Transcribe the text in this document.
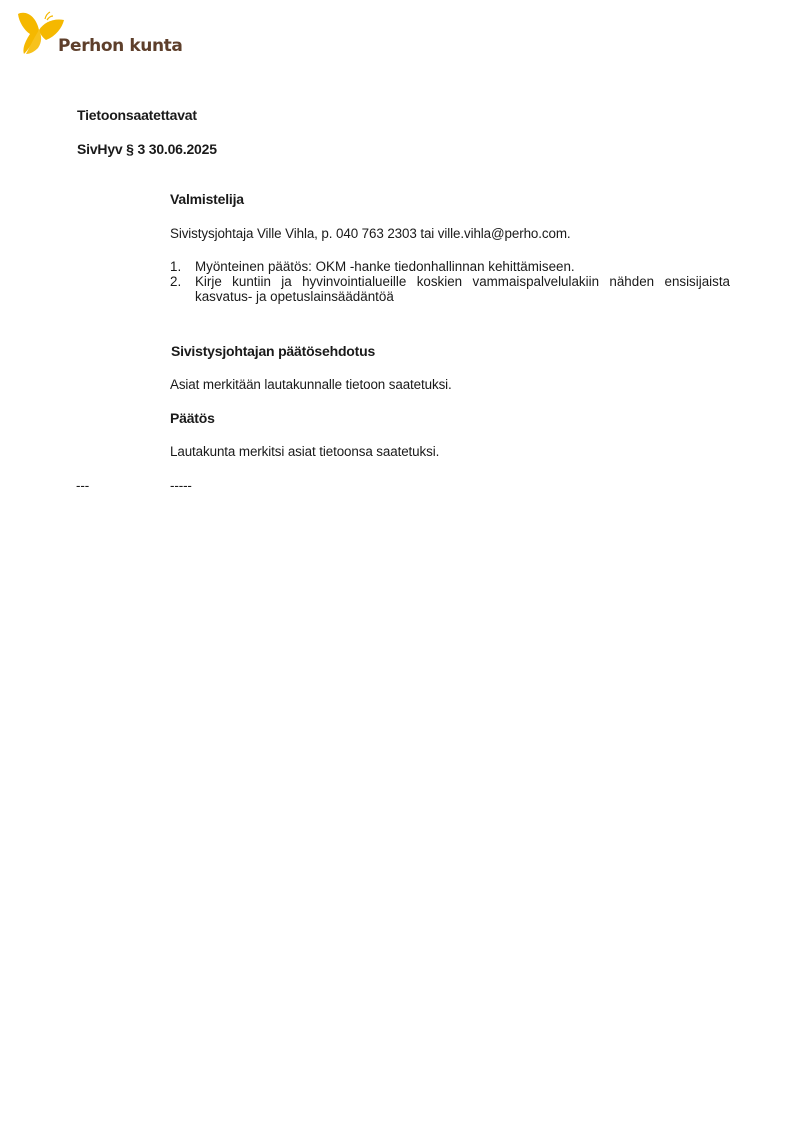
Perhon kunta
Tietoonsaatettavat
SivHyv § 3 30.06.2025
Valmistelija
Sivistysjohtaja Ville Vihla, p. 040 763 2303 tai ville.vihla@perho.com.
1. Myönteinen päätös: OKM -hanke tiedonhallinnan kehittämiseen.
2. Kirje kuntiin ja hyvinvointialueille koskien vammaispalvelulakiin nähden ensisijaista kasvatus- ja opetuslainsäädäntöä
Sivistysjohtajan päätösehdotus
Asiat merkitään lautakunnalle tietoon saatetuksi.
Päätös
Lautakunta merkitsi asiat tietoonsa saatetuksi.
---	-----
